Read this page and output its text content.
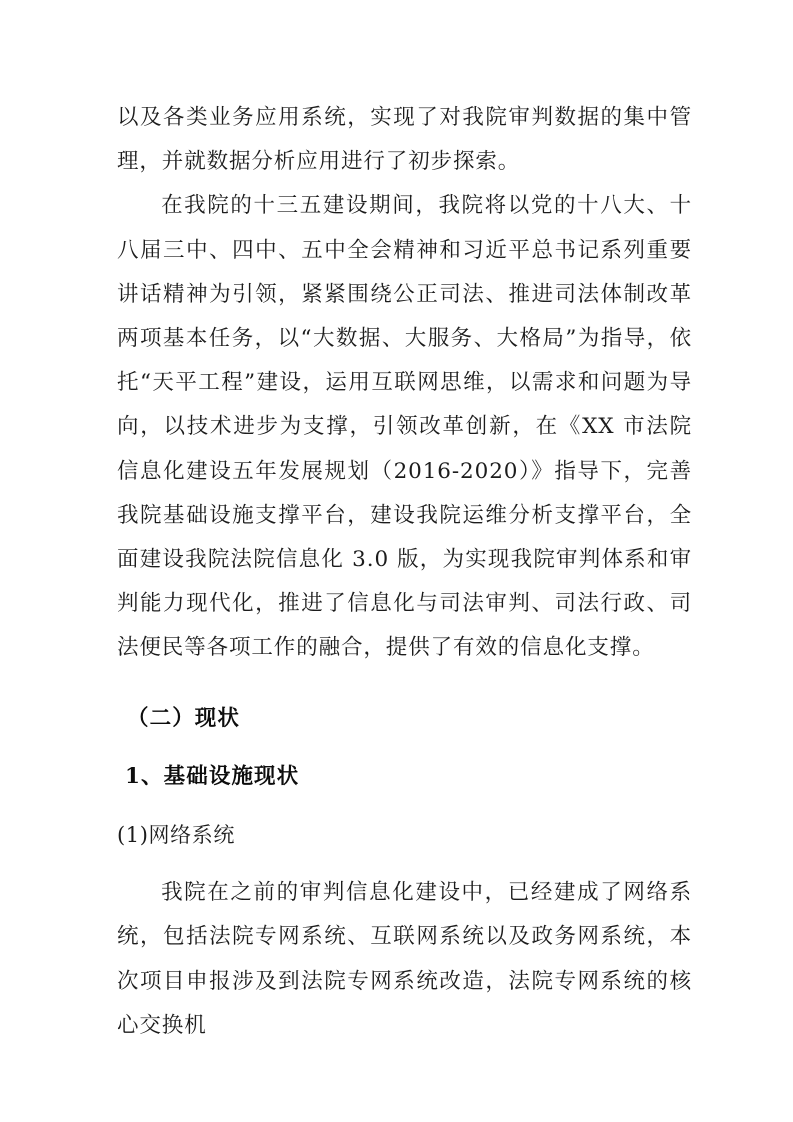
以及各类业务应用系统，实现了对我院审判数据的集中管理，并就数据分析应用进行了初步探索。

在我院的十三五建设期间，我院将以党的十八大、十八届三中、四中、五中全会精神和习近平总书记系列重要讲话精神为引领，紧紧围绕公正司法、推进司法体制改革两项基本任务，以“大数据、大服务、大格局”为指导，依托“天平工程”建设，运用互联网思维，以需求和问题为导向，以技术进步为支撑，引领改革创新，在《XX 市法院信息化建设五年发展规划（2016-2020）》指导下，完善我院基础设施支撑平台，建设我院运维分析支撑平台，全面建设我院法院信息化 3.0 版，为实现我院审判体系和审判能力现代化，推进了信息化与司法审判、司法行政、司法便民等各项工作的融合，提供了有效的信息化支撑。

（二）现状
1、基础设施现状
(1)网络系统

我院在之前的审判信息化建设中，已经建成了网络系统，包括法院专网系统、互联网系统以及政务网系统，本次项目申报涉及到法院专网系统改造，法院专网系统的核心交换机
